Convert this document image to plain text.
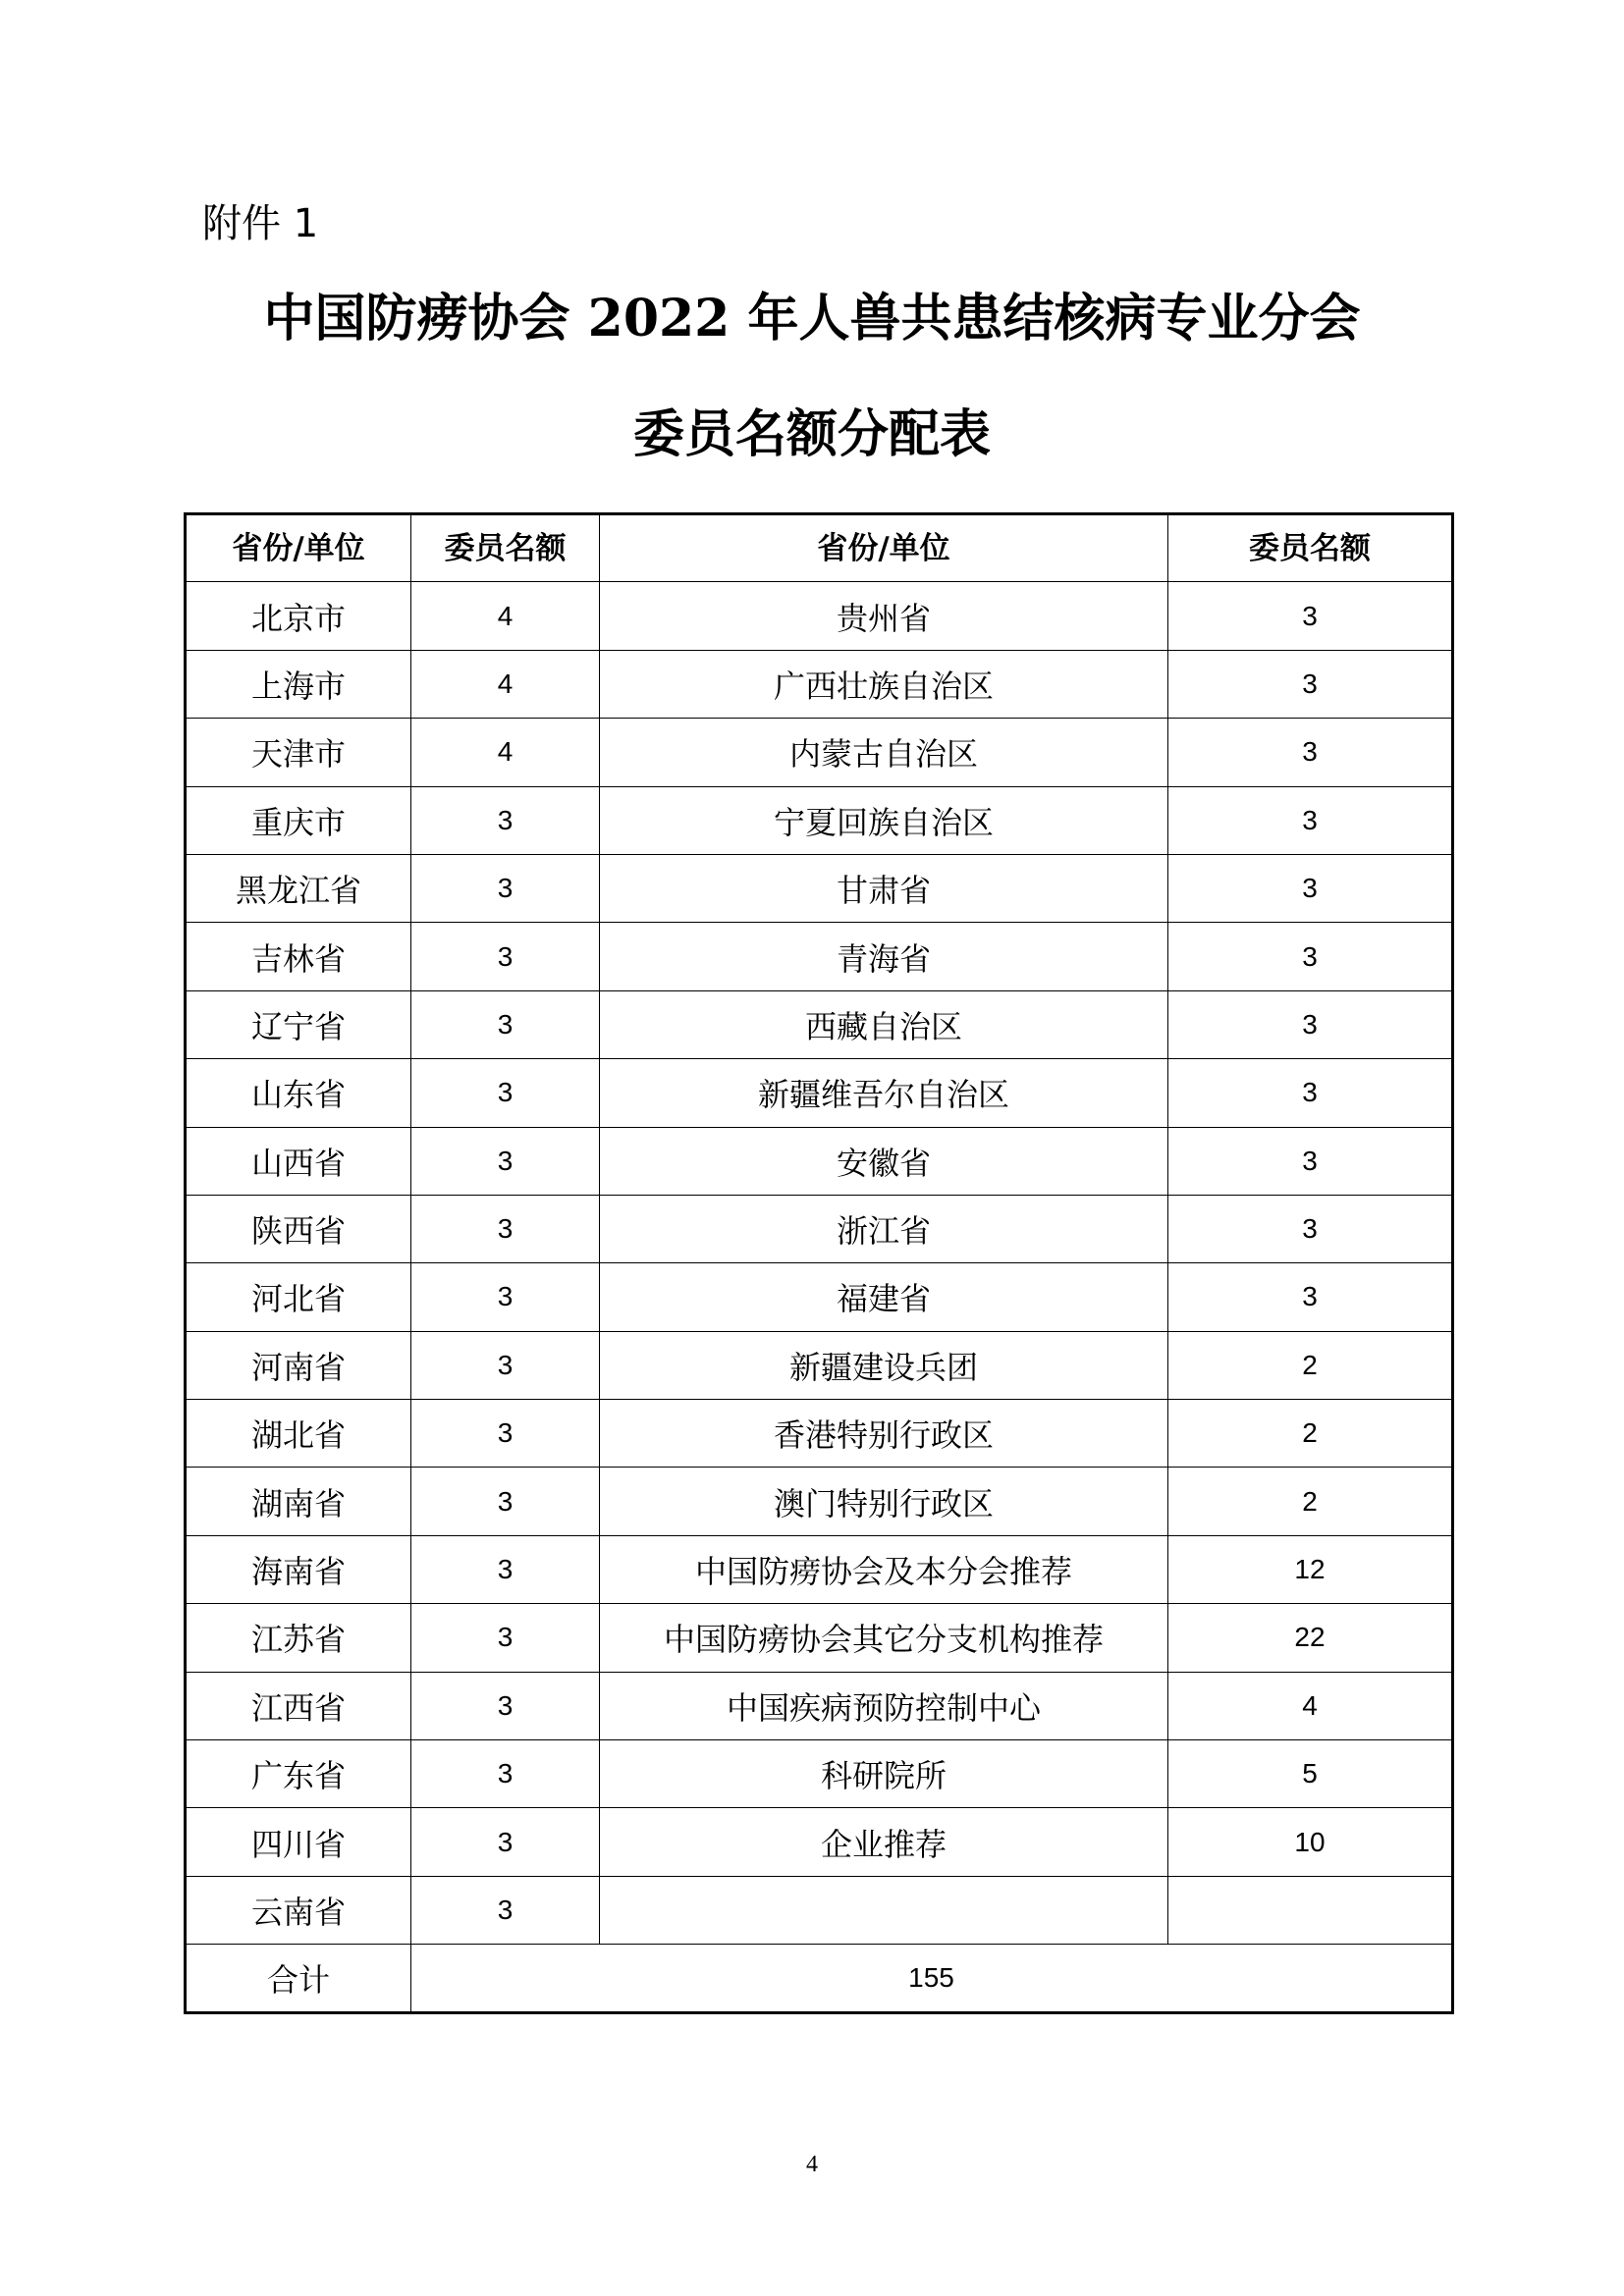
附件 1
中国防痨协会 2022 年人兽共患结核病专业分会
委员名额分配表
省份/单位	委员名额	省份/单位	委员名额
北京市	4	贵州省	3
上海市	4	广西壮族自治区	3
天津市	4	内蒙古自治区	3
重庆市	3	宁夏回族自治区	3
黑龙江省	3	甘肃省	3
吉林省	3	青海省	3
辽宁省	3	西藏自治区	3
山东省	3	新疆维吾尔自治区	3
山西省	3	安徽省	3
陕西省	3	浙江省	3
河北省	3	福建省	3
河南省	3	新疆建设兵团	2
湖北省	3	香港特别行政区	2
湖南省	3	澳门特别行政区	2
海南省	3	中国防痨协会及本分会推荐	12
江苏省	3	中国防痨协会其它分支机构推荐	22
江西省	3	中国疾病预防控制中心	4
广东省	3	科研院所	5
四川省	3	企业推荐	10
云南省	3		
合计	155		
4
